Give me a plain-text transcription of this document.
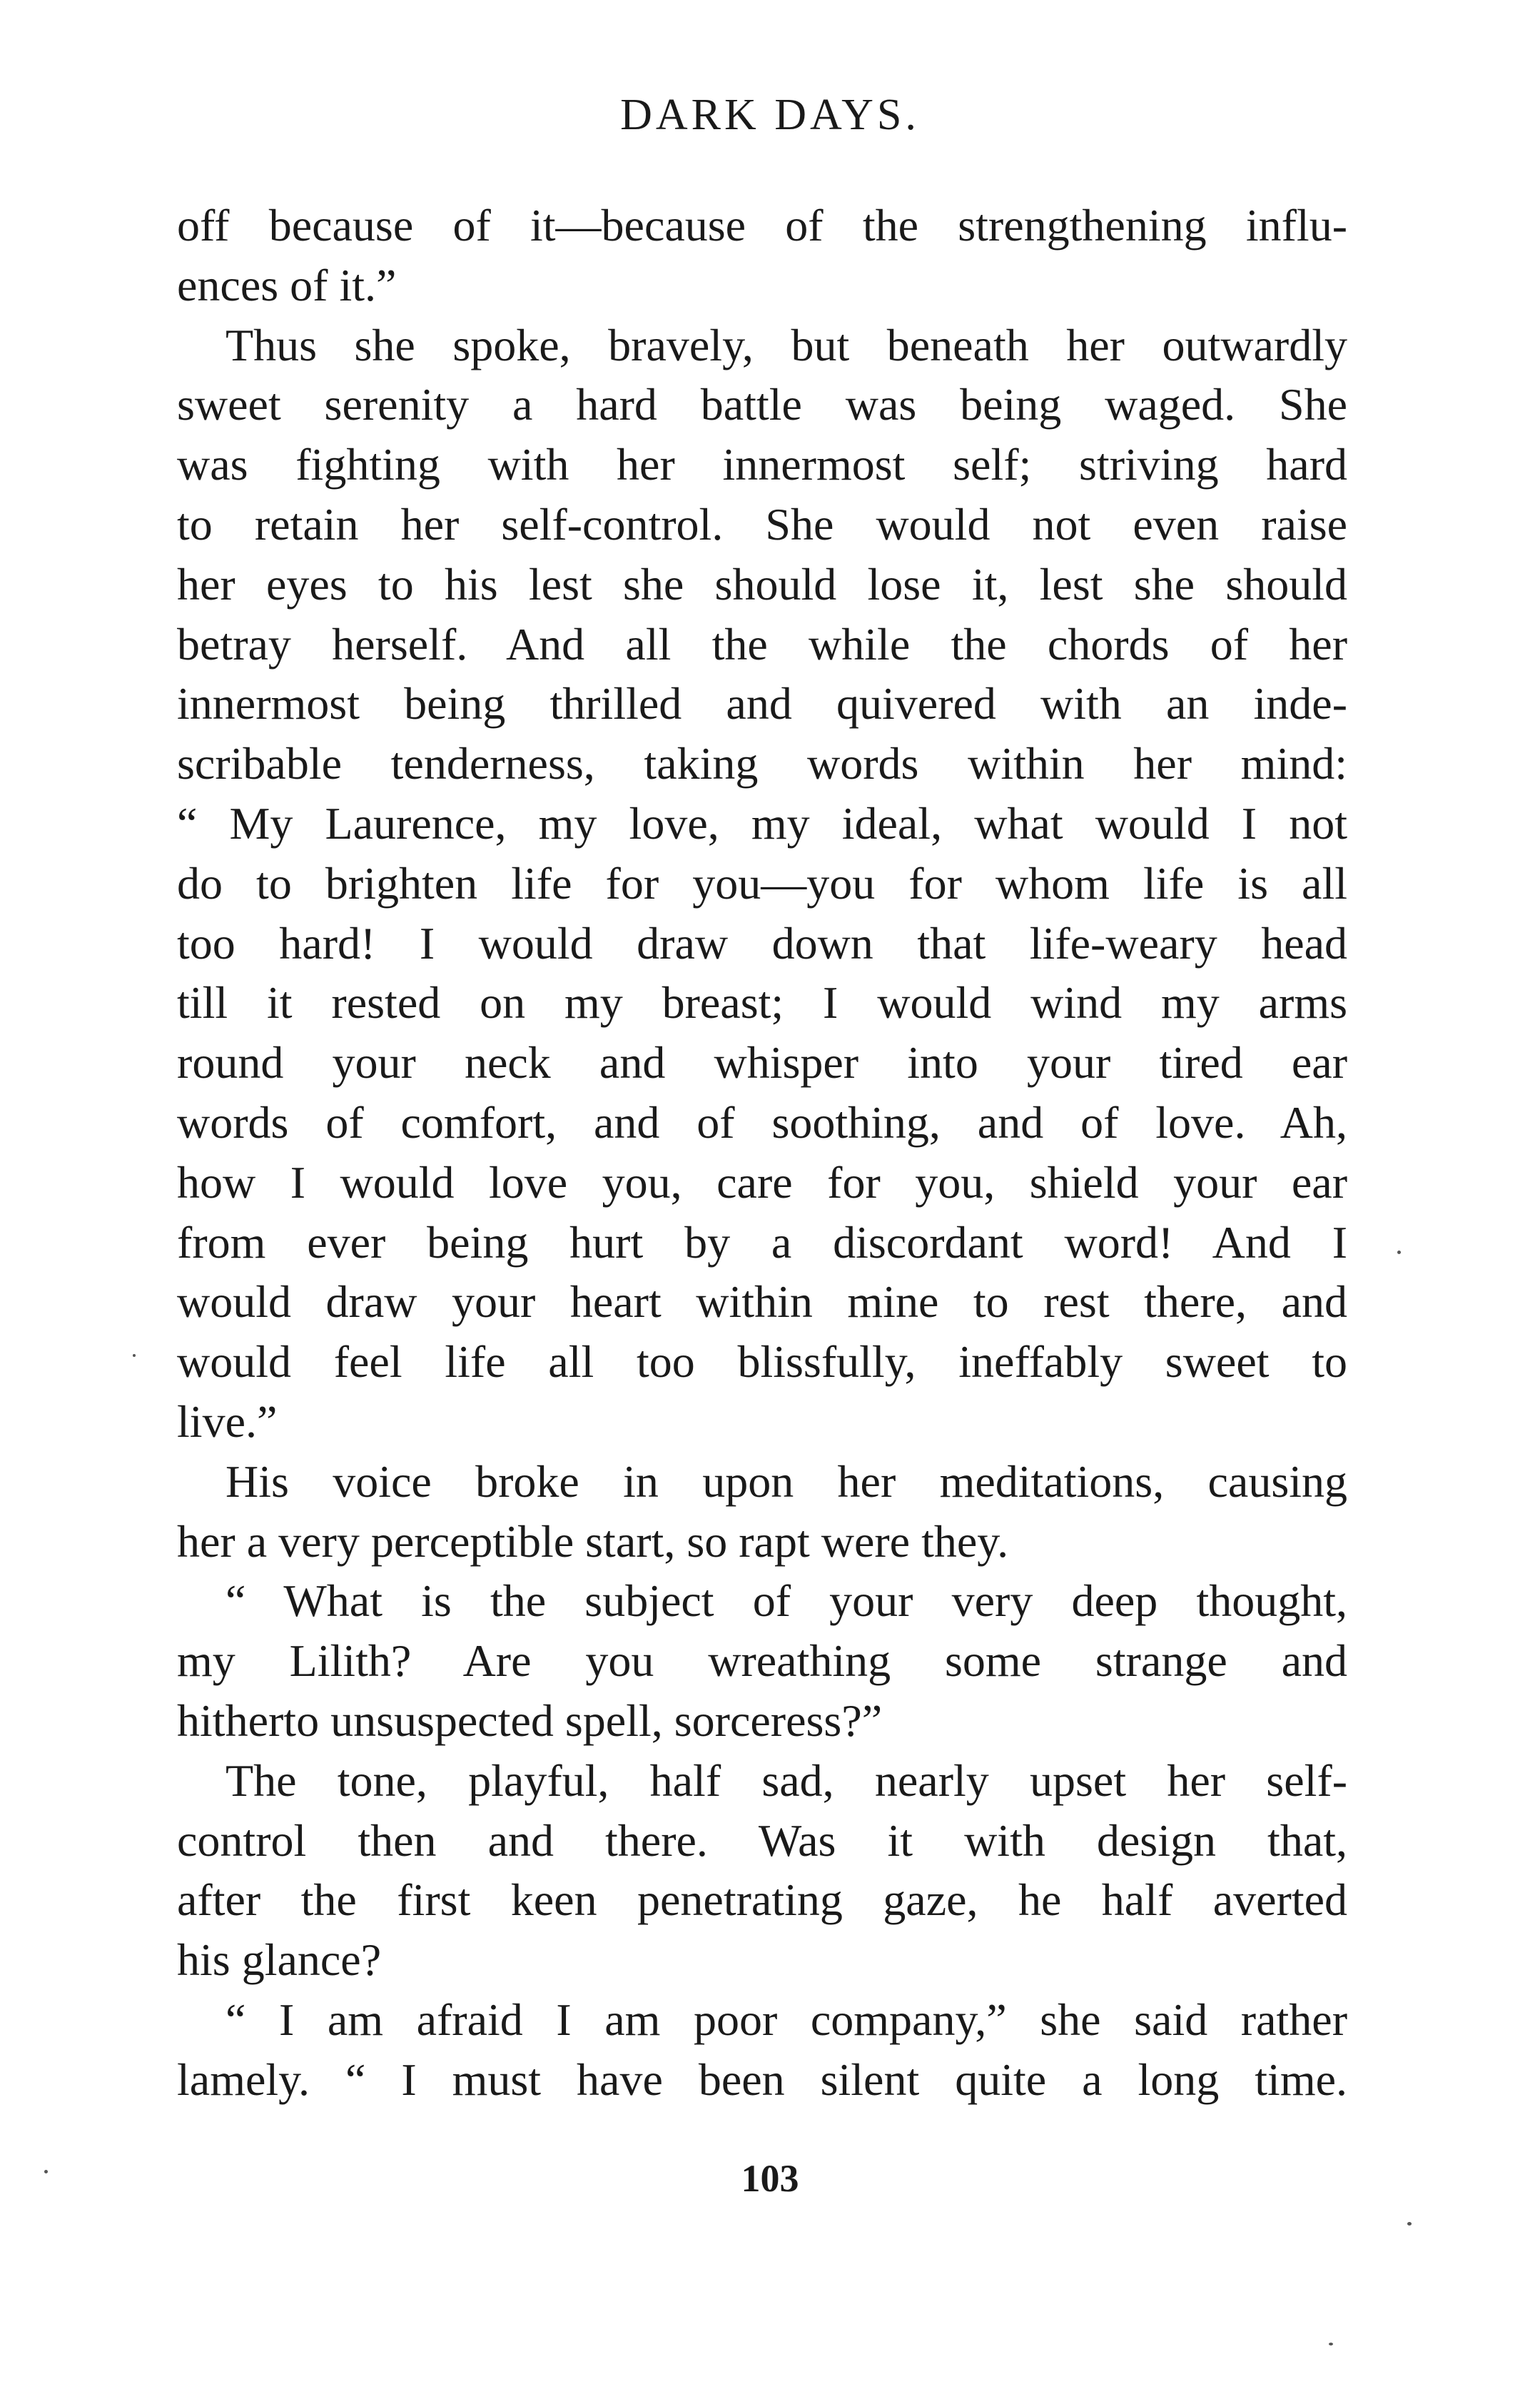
DARK DAYS.
off because of it—because of the strengthening influ-
ences of it.”
Thus she spoke, bravely, but beneath her outwardly
sweet serenity a hard battle was being waged. She
was fighting with her innermost self; striving hard
to retain her self-control. She would not even raise
her eyes to his lest she should lose it, lest she should
betray herself. And all the while the chords of her
innermost being thrilled and quivered with an inde-
scribable tenderness, taking words within her mind:
“ My Laurence, my love, my ideal, what would I not
do to brighten life for you—you for whom life is all
too hard! I would draw down that life-weary head
till it rested on my breast; I would wind my arms
round your neck and whisper into your tired ear
words of comfort, and of soothing, and of love. Ah,
how I would love you, care for you, shield your ear
from ever being hurt by a discordant word! And I
would draw your heart within mine to rest there, and
would feel life all too blissfully, ineffably sweet to
live.”
His voice broke in upon her meditations, causing
her a very perceptible start, so rapt were they.
“ What is the subject of your very deep thought,
my Lilith? Are you wreathing some strange and
hitherto unsuspected spell, sorceress?”
The tone, playful, half sad, nearly upset her self-
control then and there. Was it with design that,
after the first keen penetrating gaze, he half averted
his glance?
“ I am afraid I am poor company,” she said rather
lamely. “ I must have been silent quite a long time.
103
